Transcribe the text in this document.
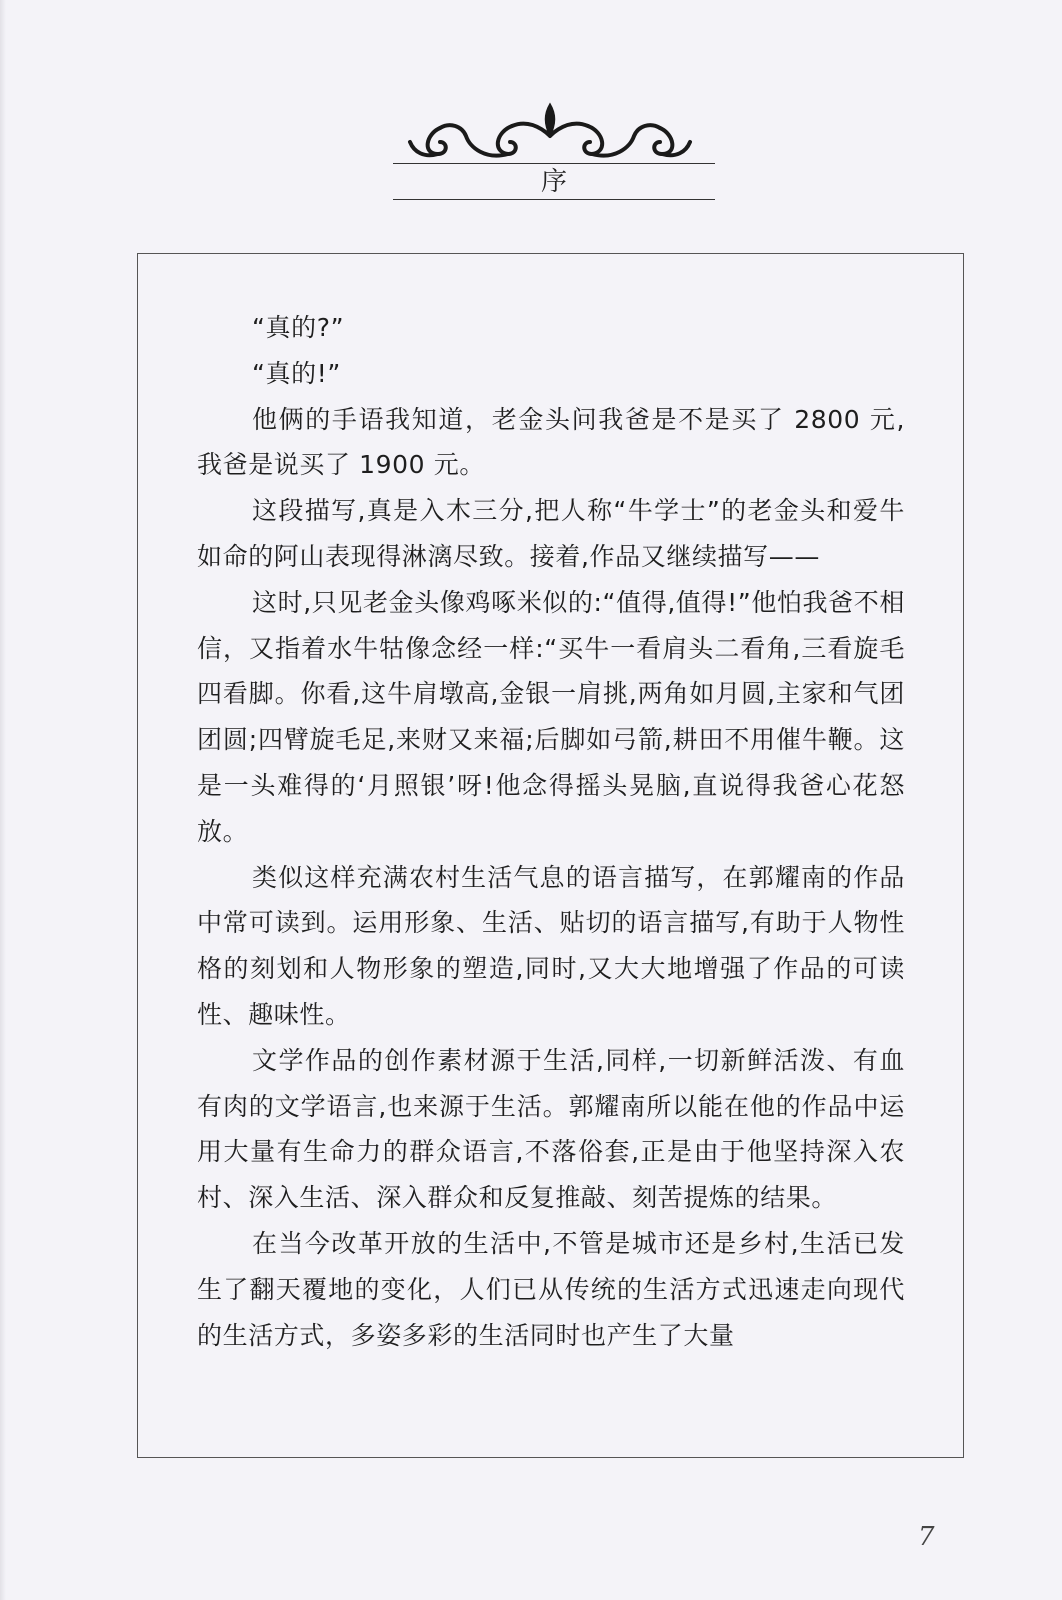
序

“真的?”

“真的!”

他俩的手语我知道，老金头问我爸是不是买了 2800 元,我爸是说买了 1900 元。

这段描写,真是入木三分,把人称“牛学士”的老金头和爱牛如命的阿山表现得淋漓尽致。接着,作品又继续描写——

这时,只见老金头像鸡啄米似的:“值得,值得!”他怕我爸不相信，又指着水牛牯像念经一样:“买牛一看肩头二看角,三看旋毛四看脚。你看,这牛肩墩高,金银一肩挑,两角如月圆,主家和气团团圆;四臂旋毛足,来财又来福;后脚如弓箭,耕田不用催牛鞭。这是一头难得的‘月照银’呀!他念得摇头晃脑,直说得我爸心花怒放。

类似这样充满农村生活气息的语言描写，在郭耀南的作品中常可读到。运用形象、生活、贴切的语言描写,有助于人物性格的刻划和人物形象的塑造,同时,又大大地增强了作品的可读性、趣味性。

文学作品的创作素材源于生活,同样,一切新鲜活泼、有血有肉的文学语言,也来源于生活。郭耀南所以能在他的作品中运用大量有生命力的群众语言,不落俗套,正是由于他坚持深入农村、深入生活、深入群众和反复推敲、刻苦提炼的结果。

在当今改革开放的生活中,不管是城市还是乡村,生活已发生了翻天覆地的变化，人们已从传统的生活方式迅速走向现代的生活方式，多姿多彩的生活同时也产生了大量

7
